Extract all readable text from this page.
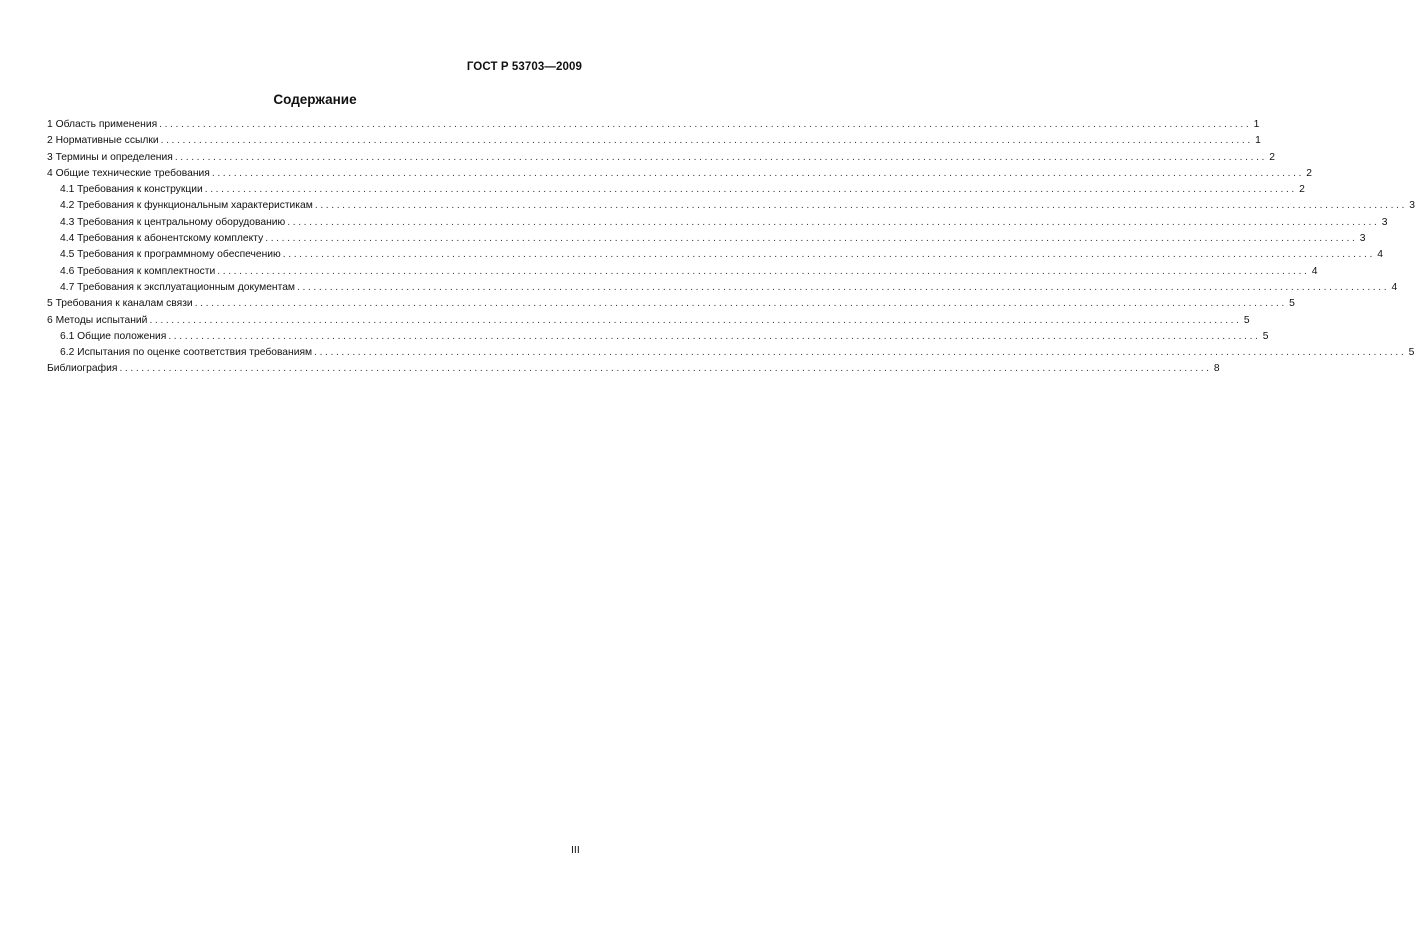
ГОСТ Р 53703—2009
Содержание
1 Область применения ........................................................................................................................................................................................................ 1
2 Нормативные ссылки ........................................................................................................................................................................................................ 1
3 Термины и определения ........................................................................................................................................................................................................ 2
4 Общие технические требования ........................................................................................................................................................................................................ 2
4.1 Требования к конструкции ........................................................................................................................................................................................................ 2
4.2 Требования к функциональным характеристикам ........................................................................................................................................................................................................ 3
4.3 Требования к центральному оборудованию ........................................................................................................................................................................................................ 3
4.4 Требования к абонентскому комплекту ........................................................................................................................................................................................................ 3
4.5 Требования к программному обеспечению ........................................................................................................................................................................................................ 4
4.6 Требования к комплектности ........................................................................................................................................................................................................ 4
4.7 Требования к эксплуатационным документам ........................................................................................................................................................................................................ 4
5 Требования к каналам связи ........................................................................................................................................................................................................ 5
6 Методы испытаний ........................................................................................................................................................................................................ 5
6.1 Общие положения ........................................................................................................................................................................................................ 5
6.2 Испытания по оценке соответствия требованиям ........................................................................................................................................................................................................ 5
Библиография ........................................................................................................................................................................................................ 8
III
